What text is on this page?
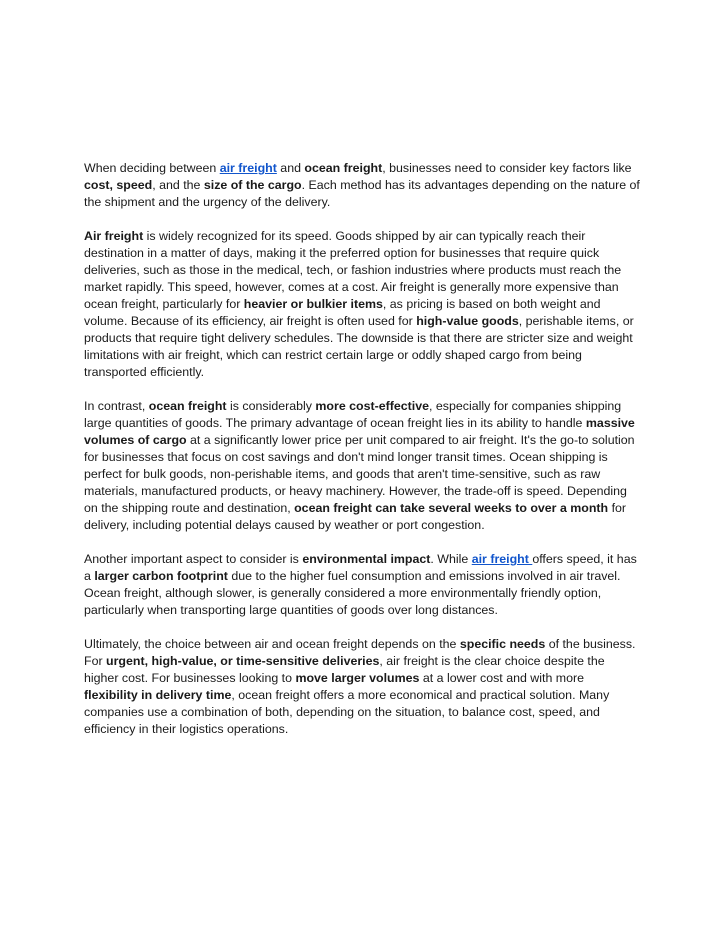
When deciding between air freight and ocean freight, businesses need to consider key factors like cost, speed, and the size of the cargo. Each method has its advantages depending on the nature of the shipment and the urgency of the delivery.

Air freight is widely recognized for its speed. Goods shipped by air can typically reach their destination in a matter of days, making it the preferred option for businesses that require quick deliveries, such as those in the medical, tech, or fashion industries where products must reach the market rapidly. This speed, however, comes at a cost. Air freight is generally more expensive than ocean freight, particularly for heavier or bulkier items, as pricing is based on both weight and volume. Because of its efficiency, air freight is often used for high-value goods, perishable items, or products that require tight delivery schedules. The downside is that there are stricter size and weight limitations with air freight, which can restrict certain large or oddly shaped cargo from being transported efficiently.

In contrast, ocean freight is considerably more cost-effective, especially for companies shipping large quantities of goods. The primary advantage of ocean freight lies in its ability to handle massive volumes of cargo at a significantly lower price per unit compared to air freight. It's the go-to solution for businesses that focus on cost savings and don't mind longer transit times. Ocean shipping is perfect for bulk goods, non-perishable items, and goods that aren't time-sensitive, such as raw materials, manufactured products, or heavy machinery. However, the trade-off is speed. Depending on the shipping route and destination, ocean freight can take several weeks to over a month for delivery, including potential delays caused by weather or port congestion.

Another important aspect to consider is environmental impact. While air freight offers speed, it has a larger carbon footprint due to the higher fuel consumption and emissions involved in air travel. Ocean freight, although slower, is generally considered a more environmentally friendly option, particularly when transporting large quantities of goods over long distances.

Ultimately, the choice between air and ocean freight depends on the specific needs of the business. For urgent, high-value, or time-sensitive deliveries, air freight is the clear choice despite the higher cost. For businesses looking to move larger volumes at a lower cost and with more flexibility in delivery time, ocean freight offers a more economical and practical solution. Many companies use a combination of both, depending on the situation, to balance cost, speed, and efficiency in their logistics operations.
